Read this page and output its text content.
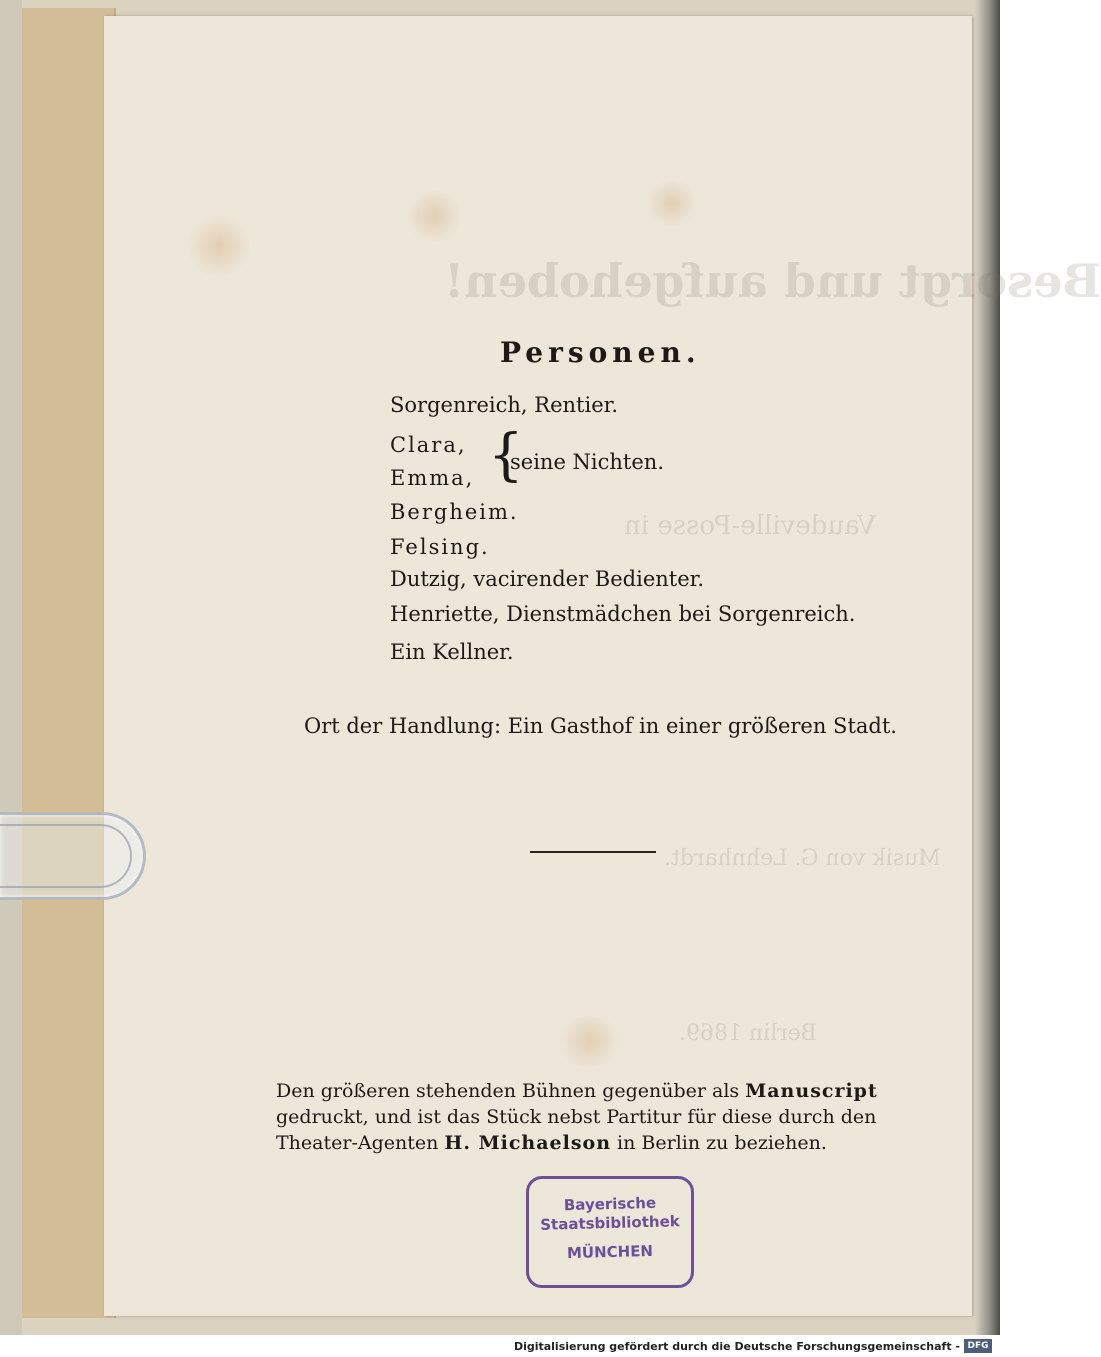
Besorgt und aufgehoben!
Vaudeville-Posse in
Musik von G. Lehnhardt.
Berlin 1869.
Personen.
Sorgenreich, Rentier.
Clara,
Emma, {
seine Nichten.
Bergheim.
Felsing.
Dutzig, vacirender Bedienter.
Henriette, Dienstmädchen bei Sorgenreich.
Ein Kellner.
Ort der Handlung: Ein Gasthof in einer größeren Stadt.
Den größeren stehenden Bühnen gegenüber als Manuscript
gedruckt, und ist das Stück nebst Partitur für diese durch den
Theater-Agenten H. Michaelson in Berlin zu beziehen.
Bayerische
Staatsbibliothek
MÜNCHEN
Digitalisierung gefördert durch die Deutsche Forschungsgemeinschaft - DFG
